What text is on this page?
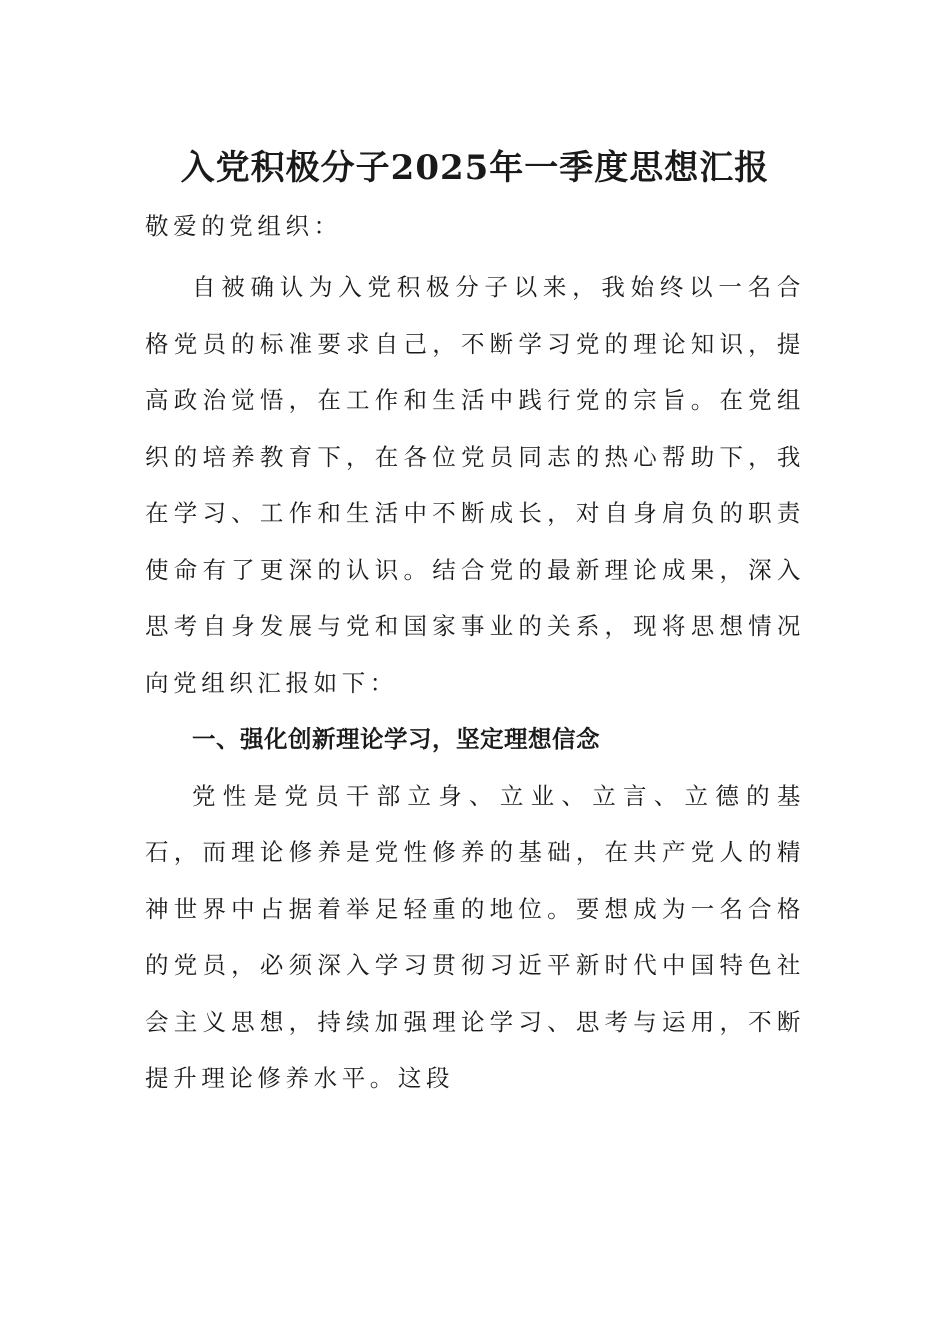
入党积极分子2025年一季度思想汇报

敬爱的党组织：

自被确认为入党积极分子以来，我始终以一名合格党员的标准要求自己，不断学习党的理论知识，提高政治觉悟，在工作和生活中践行党的宗旨。在党组织的培养教育下，在各位党员同志的热心帮助下，我在学习、工作和生活中不断成长，对自身肩负的职责使命有了更深的认识。结合党的最新理论成果，深入思考自身发展与党和国家事业的关系，现将思想情况向党组织汇报如下：

一、强化创新理论学习，坚定理想信念

党性是党员干部立身、立业、立言、立德的基石，而理论修养是党性修养的基础，在共产党人的精神世界中占据着举足轻重的地位。要想成为一名合格的党员，必须深入学习贯彻习近平新时代中国特色社会主义思想，持续加强理论学习、思考与运用，不断提升理论修养水平。这段
